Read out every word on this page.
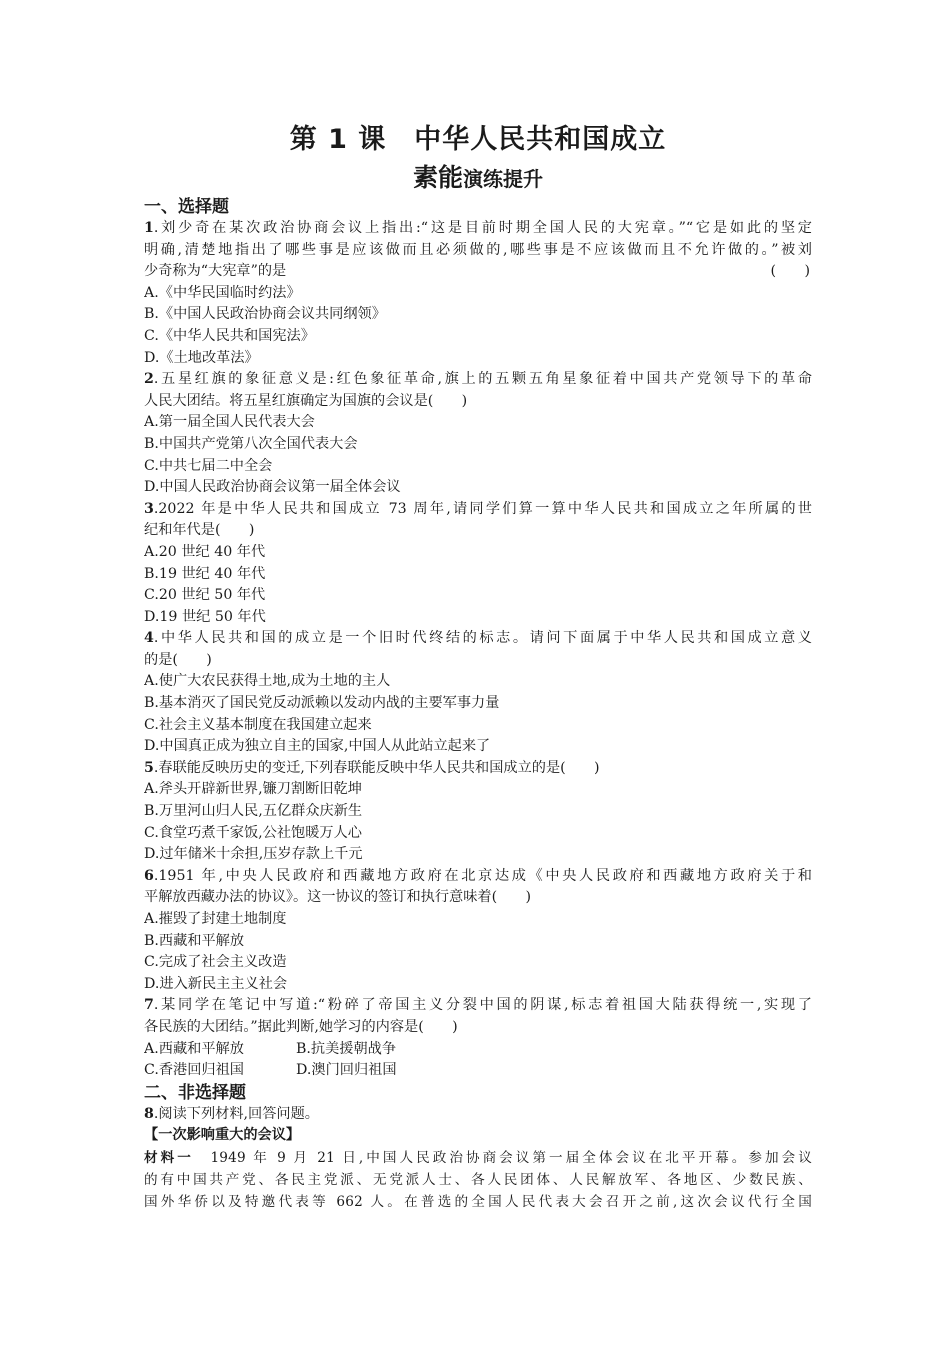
第 1 课　中华人民共和国成立
素能演练提升
一、选择题
1.刘少奇在某次政治协商会议上指出:“这是目前时期全国人民的大宪章。”“它是如此的坚定
明确,清楚地指出了哪些事是应该做而且必须做的,哪些事是不应该做而且不允许做的。”被刘
少奇称为“大宪章”的是	(　　)
A.《中华民国临时约法》
B.《中国人民政治协商会议共同纲领》
C.《中华人民共和国宪法》
D.《土地改革法》
2.五星红旗的象征意义是:红色象征革命,旗上的五颗五角星象征着中国共产党领导下的革命
人民大团结。将五星红旗确定为国旗的会议是(　　)
A.第一届全国人民代表大会
B.中国共产党第八次全国代表大会
C.中共七届二中全会
D.中国人民政治协商会议第一届全体会议
3.2022 年是中华人民共和国成立 73 周年,请同学们算一算中华人民共和国成立之年所属的世
纪和年代是(　　)
A.20 世纪 40 年代
B.19 世纪 40 年代
C.20 世纪 50 年代
D.19 世纪 50 年代
4.中华人民共和国的成立是一个旧时代终结的标志。请问下面属于中华人民共和国成立意义
的是(　　)
A.使广大农民获得土地,成为土地的主人
B.基本消灭了国民党反动派赖以发动内战的主要军事力量
C.社会主义基本制度在我国建立起来
D.中国真正成为独立自主的国家,中国人从此站立起来了
5.春联能反映历史的变迁,下列春联能反映中华人民共和国成立的是(　　)
A.斧头开辟新世界,镰刀割断旧乾坤
B.万里河山归人民,五亿群众庆新生
C.食堂巧煮千家饭,公社饱暖万人心
D.过年储米十余担,压岁存款上千元
6.1951 年,中央人民政府和西藏地方政府在北京达成《中央人民政府和西藏地方政府关于和
平解放西藏办法的协议》。这一协议的签订和执行意味着(　　)
A.摧毁了封建土地制度
B.西藏和平解放
C.完成了社会主义改造
D.进入新民主主义社会
7.某同学在笔记中写道:“粉碎了帝国主义分裂中国的阴谋,标志着祖国大陆获得统一,实现了
各民族的大团结。”据此判断,她学习的内容是(　　)
A.西藏和平解放	B.抗美援朝战争
C.香港回归祖国	D.澳门回归祖国
二、非选择题
8.阅读下列材料,回答问题。
【一次影响重大的会议】
材料一　1949 年 9 月 21 日,中国人民政治协商会议第一届全体会议在北平开幕。参加会议
的有中国共产党、各民主党派、无党派人士、各人民团体、人民解放军、各地区、少数民族、
国外华侨以及特邀代表等 662 人。在普选的全国人民代表大会召开之前,这次会议代行全国
